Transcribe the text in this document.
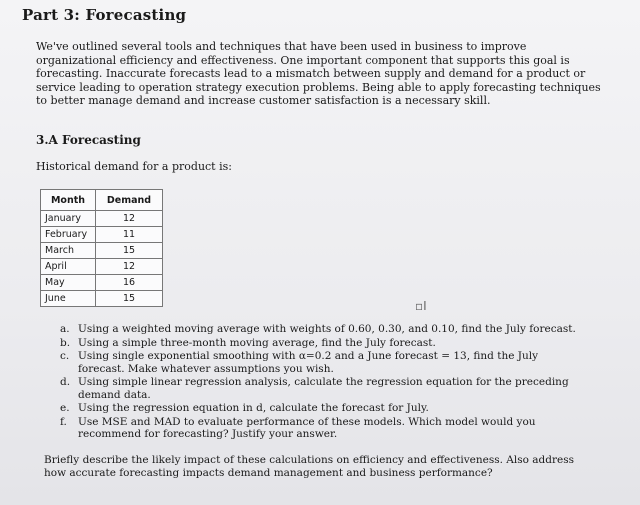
Part 3: Forecasting
We've outlined several tools and techniques that have been used in business to improve organizational efficiency and effectiveness. One important component that supports this goal is forecasting. Inaccurate forecasts lead to a mismatch between supply and demand for a product or service leading to operation strategy execution problems. Being able to apply forecasting techniques to better manage demand and increase customer satisfaction is a necessary skill.
3.A Forecasting
Historical demand for a product is:
Month	Demand
January	12
February	11
March	15
April	12
May	16
June	15
▫I
a. Using a weighted moving average with weights of 0.60, 0.30, and 0.10, find the July forecast.
b. Using a simple three-month moving average, find the July forecast.
c. Using single exponential smoothing with α=0.2 and a June forecast = 13, find the July forecast. Make whatever assumptions you wish.
d. Using simple linear regression analysis, calculate the regression equation for the preceding demand data.
e. Using the regression equation in d, calculate the forecast for July.
f. Use MSE and MAD to evaluate performance of these models. Which model would you recommend for forecasting? Justify your answer.
Briefly describe the likely impact of these calculations on efficiency and effectiveness. Also address how accurate forecasting impacts demand management and business performance?
